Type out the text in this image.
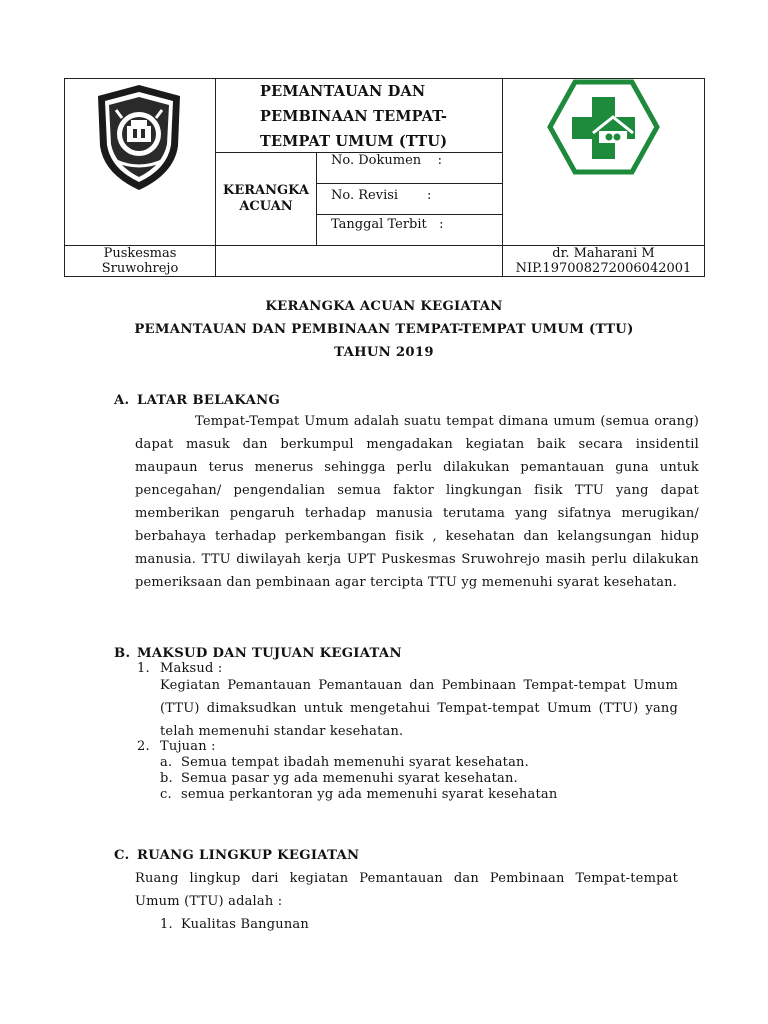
PEMANTAUAN DAN
PEMBINAAN TEMPAT-
TEMPAT UMUM (TTU)
KERANGKA ACUAN
No. Dokumen    :
No. Revisi       :
Tanggal Terbit   :
Puskesmas
Sruwohrejo
dr. Maharani M
NIP.197008272006042001
KERANGKA ACUAN KEGIATAN
PEMANTAUAN DAN PEMBINAAN TEMPAT-TEMPAT UMUM (TTU)
TAHUN 2019
A. LATAR BELAKANG
Tempat-Tempat Umum adalah suatu tempat dimana umum (semua orang) dapat masuk dan berkumpul mengadakan kegiatan baik secara insidentil maupaun terus menerus sehingga perlu dilakukan pemantauan guna untuk pencegahan/ pengendalian semua faktor lingkungan fisik TTU yang dapat memberikan pengaruh terhadap manusia terutama yang sifatnya merugikan/ berbahaya terhadap perkembangan fisik , kesehatan dan kelangsungan hidup manusia. TTU diwilayah kerja UPT Puskesmas Sruwohrejo masih perlu dilakukan pemeriksaan dan pembinaan agar tercipta TTU yg memenuhi syarat kesehatan.
B. MAKSUD DAN TUJUAN KEGIATAN
1. Maksud :
Kegiatan Pemantauan Pemantauan dan Pembinaan Tempat-tempat Umum (TTU) dimaksudkan untuk mengetahui Tempat-tempat Umum (TTU) yang telah memenuhi standar kesehatan.
2. Tujuan :
a. Semua tempat ibadah memenuhi syarat kesehatan.
b. Semua pasar yg ada memenuhi syarat kesehatan.
c. semua perkantoran yg ada memenuhi syarat kesehatan
C. RUANG LINGKUP KEGIATAN
Ruang lingkup dari kegiatan Pemantauan dan Pembinaan Tempat-tempat Umum (TTU) adalah :
1. Kualitas Bangunan
